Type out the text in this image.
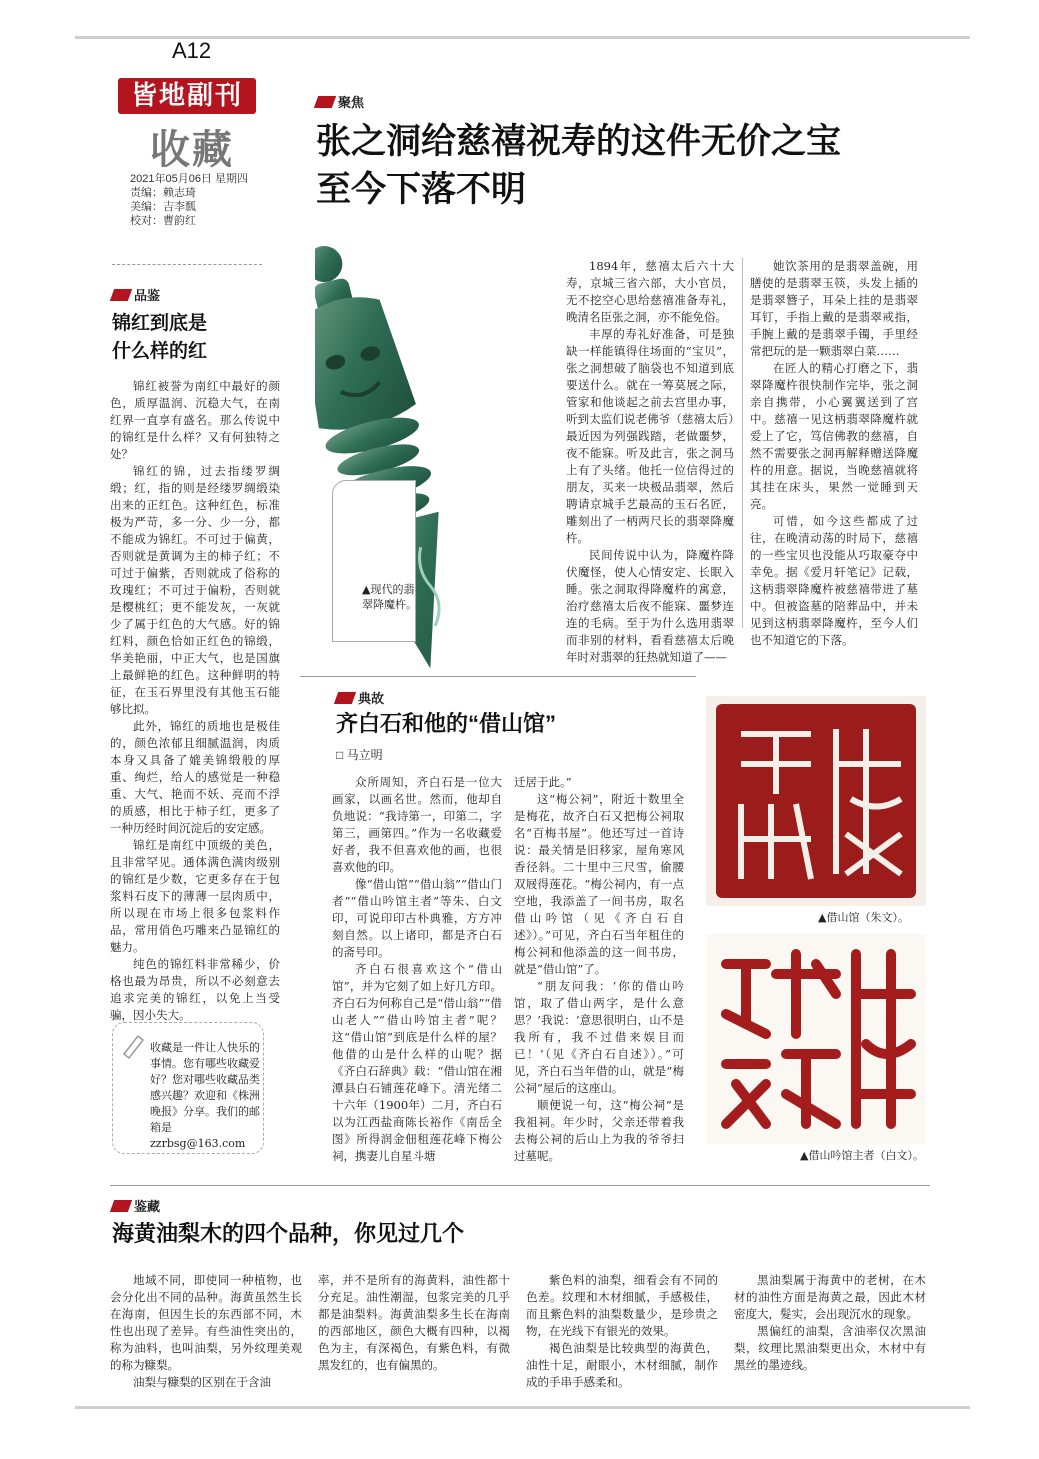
A12
皆地副刊
收藏
2021年05月06日 星期四
责编：赖志琦
美编：吉李瓢
校对：曹韵红
聚焦
张之洞给慈禧祝寿的这件无价之宝
至今下落不明
▲现代的翡翠降魔杵。

1894年，慈禧太后六十大寿，京城三省六部，大小官员，无不挖空心思给慈禧准备寿礼，晚清名臣张之洞，亦不能免俗。

丰厚的寿礼好准备，可是独缺一样能镇得住场面的“宝贝”，张之洞想破了脑袋也不知道到底要送什么。就在一筹莫展之际，管家和他谈起之前去宫里办事，听到太监们说老佛爷（慈禧太后）最近因为列强践踏，老做噩梦，夜不能寐。听及此言，张之洞马上有了头绪。他托一位信得过的朋友，买来一块极品翡翠，然后聘请京城手艺最高的玉石名匠，雕刻出了一柄两尺长的翡翠降魔杵。

民间传说中认为，降魔杵降伏魔怪，使人心情安定、长眠入睡。张之洞取得降魔杵的寓意，治疗慈禧太后夜不能寐、噩梦连连的毛病。至于为什么选用翡翠而非别的材料，看看慈禧太后晚年时对翡翠的狂热就知道了——

她饮茶用的是翡翠盖碗，用膳使的是翡翠玉筷，头发上插的是翡翠簪子，耳朵上挂的是翡翠耳钉，手指上戴的是翡翠戒指，手腕上戴的是翡翠手镯，手里经常把玩的是一颗翡翠白菜……

在匠人的精心打磨之下，翡翠降魔杵很快制作完毕，张之洞亲自携带，小心翼翼送到了宫中。慈禧一见这柄翡翠降魔杵就爱上了它，笃信佛教的慈禧，自然不需要张之洞再解释赠送降魔杵的用意。据说，当晚慈禧就将其挂在床头，果然一觉睡到天亮。

可惜，如今这些都成了过往，在晚清动荡的时局下，慈禧的一些宝贝也没能从巧取豪夺中幸免。据《爱月轩笔记》记载，这柄翡翠降魔杵被慈禧带进了墓中。但被盗墓的陪葬品中，并未见到这柄翡翠降魔杵，至今人们也不知道它的下落。

品鉴
锦红到底是
什么样的红

锦红被誉为南红中最好的颜色，质厚温润、沉稳大气，在南红界一直享有盛名。那么传说中的锦红是什么样？又有何独特之处？

锦红的锦，过去指缕罗绸缎；红，指的则是经缕罗绸缎染出来的正红色。这种红色，标准极为严苛，多一分、少一分，都不能成为锦红。不可过于偏黄，否则就是黄调为主的柿子红；不可过于偏紫，否则就成了俗称的玫瑰红；不可过于偏粉，否则就是樱桃红；更不能发灰，一灰就少了属于红色的大气感。好的锦红料，颜色恰如正红色的锦缎，华美艳丽，中正大气，也是国旗上最鲜艳的红色。这种鲜明的特征，在玉石界里没有其他玉石能够比拟。

此外，锦红的质地也是极佳的，颜色浓郁且细腻温润，肉质本身又具备了媲美锦缎般的厚重、绚烂，给人的感觉是一种稳重、大气、艳而不妖、亮而不浮的质感，相比于柿子红，更多了一种历经时间沉淀后的安定感。

锦红是南红中顶级的美色，且非常罕见。通体满色满肉级别的锦红是少数，它更多存在于包浆料石皮下的薄薄一层肉质中，所以现在市场上很多包浆料作品，常用俏色巧雕来凸显锦红的魅力。

纯色的锦红料非常稀少，价格也最为昂贵，所以不必刻意去追求完美的锦红，以免上当受骗，因小失大。

收藏是一件让人快乐的事情。您有哪些收藏爱好？您对哪些收藏品类感兴趣？欢迎和《株洲晚报》分享。我们的邮箱是zzrbsg@163.com
典故
齐白石和他的“借山馆”
□ 马立明

众所周知，齐白石是一位大画家，以画名世。然而，他却自负地说：“我诗第一，印第二，字第三，画第四。”作为一名收藏爱好者，我不但喜欢他的画，也很喜欢他的印。

像“借山馆”“借山翁”“借山门者”“借山吟馆主者”等朱、白文印，可说印印古朴典雅，方方冲刻自然。以上诸印，都是齐白石的斋号印。

齐白石很喜欢这个“借山馆”，并为它刻了如上好几方印。齐白石为何称自己是“借山翁”“借山老人”“借山吟馆主者”呢？这“借山馆”到底是什么样的屋？他借的山是什么样的山呢？据《齐白石辞典》载：“借山馆在湘潭县白石铺莲花峰下。清光绪二十六年（1900年）二月，齐白石以为江西盐商陈长裕作《南岳全图》所得润金佃租莲花峰下梅公祠，携妻儿自星斗塘

迁居于此。”

这“梅公祠”，附近十数里全是梅花，故齐白石又把梅公祠取名“百梅书屋”。他还写过一首诗说：最关情是旧移家，屋角寒风香径斜。二十里中三尺雪，偷腰双屐得莲花。“梅公祠内，有一点空地，我添盖了一间书房，取名借山吟馆（见《齐白石自述》）。”可见，齐白石当年租住的梅公祠和他添盖的这一间书房，就是“借山馆”了。

“朋友问我：‘你的借山吟馆，取了借山两字，是什么意思？’我说：‘意思很明白，山不是我所有，我不过借来娱目而已！’（见《齐白石自述》）。”可见，齐白石当年借的山，就是“梅公祠”屋后的这座山。

顺便说一句，这“梅公祠”是我祖祠。年少时，父亲还带着我去梅公祠的后山上为我的爷爷扫过墓呢。

▲借山馆（朱文）。
▲借山吟馆主者（白文）。
鉴藏
海黄油梨木的四个品种，你见过几个

地域不同，即使同一种植物，也会分化出不同的品种。海黄虽然生长在海南，但因生长的东西部不同，木性也出现了差异。有些油性突出的，称为油料，也叫油梨，另外纹理美观的称为糠梨。

油梨与糠梨的区别在于含油

率，并不是所有的海黄料，油性都十分充足。油性潮湿，包浆完美的几乎都是油梨料。海黄油梨多生长在海南的西部地区，颜色大概有四种，以褐色为主，有深褐色，有紫色料，有微黑发红的，也有偏黑的。

紫色料的油梨，细看会有不同的色差。纹理和木材细腻，手感极佳，而且紫色料的油梨数量少，是珍贵之物，在光线下有银光的效果。

褐色油梨是比较典型的海黄色，油性十足，耐眼小，木材细腻，制作成的手串手感柔和。

黑油梨属于海黄中的老树，在木材的油性方面是海黄之最，因此木材密度大，髮实，会出现沉水的现象。

黑偏红的油梨，含油率仅次黑油梨，纹理比黑油梨更出众，木材中有黑丝的墨迹线。
